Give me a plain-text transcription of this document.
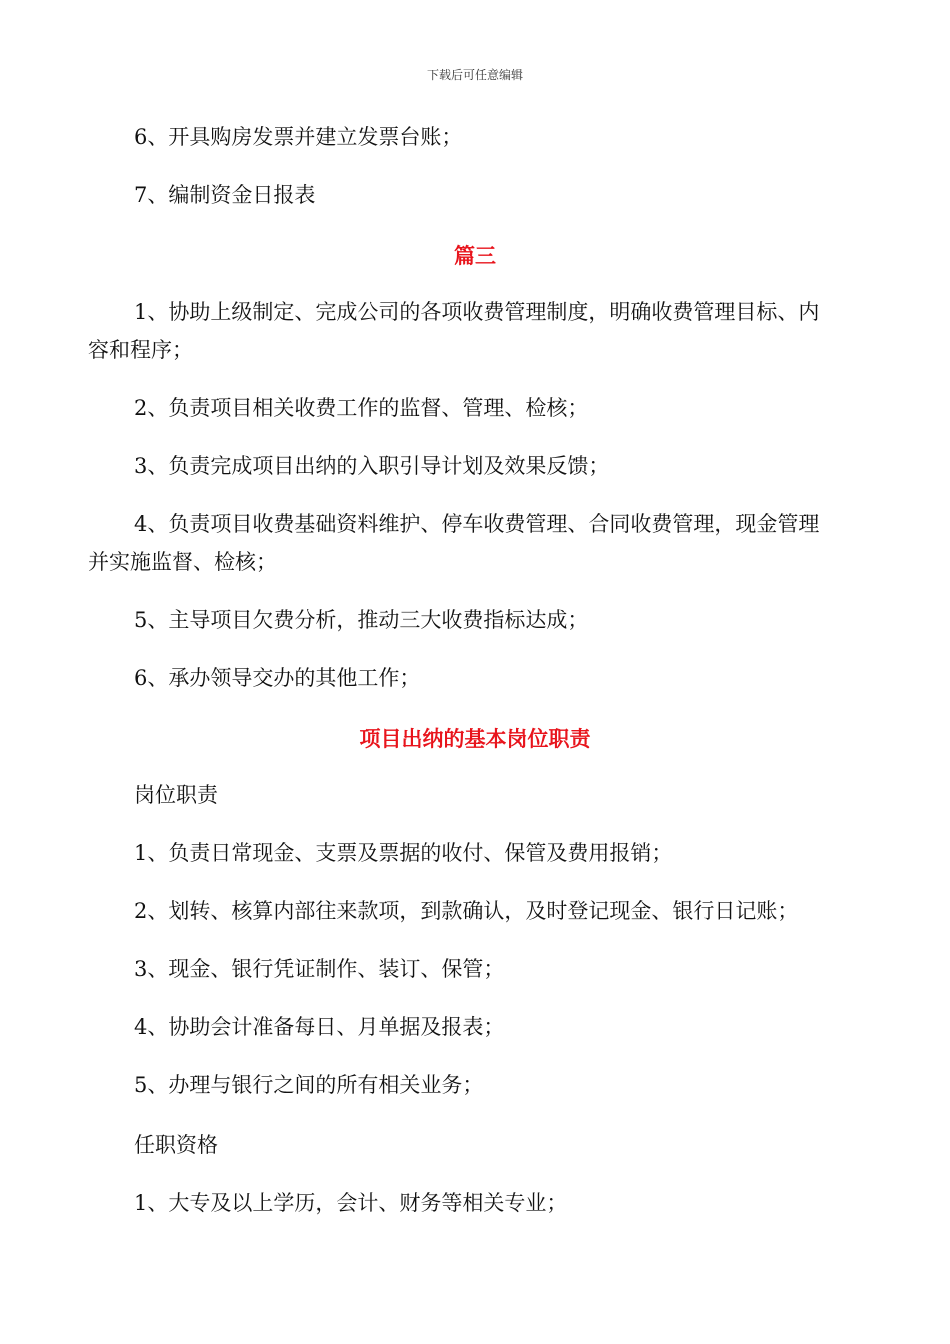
下载后可任意编辑
6、开具购房发票并建立发票台账；
7、编制资金日报表
篇三
1、协助上级制定、完成公司的各项收费管理制度，明确收费管理目标、内
容和程序；
2、负责项目相关收费工作的监督、管理、检核；
3、负责完成项目出纳的入职引导计划及效果反馈；
4、负责项目收费基础资料维护、停车收费管理、合同收费管理，现金管理
并实施监督、检核；
5、主导项目欠费分析，推动三大收费指标达成；
6、承办领导交办的其他工作；
项目出纳的基本岗位职责
岗位职责
1、负责日常现金、支票及票据的收付、保管及费用报销；
2、划转、核算内部往来款项，到款确认，及时登记现金、银行日记账；
3、现金、银行凭证制作、装订、保管；
4、协助会计准备每日、月单据及报表；
5、办理与银行之间的所有相关业务；
任职资格
1、大专及以上学历，会计、财务等相关专业；
